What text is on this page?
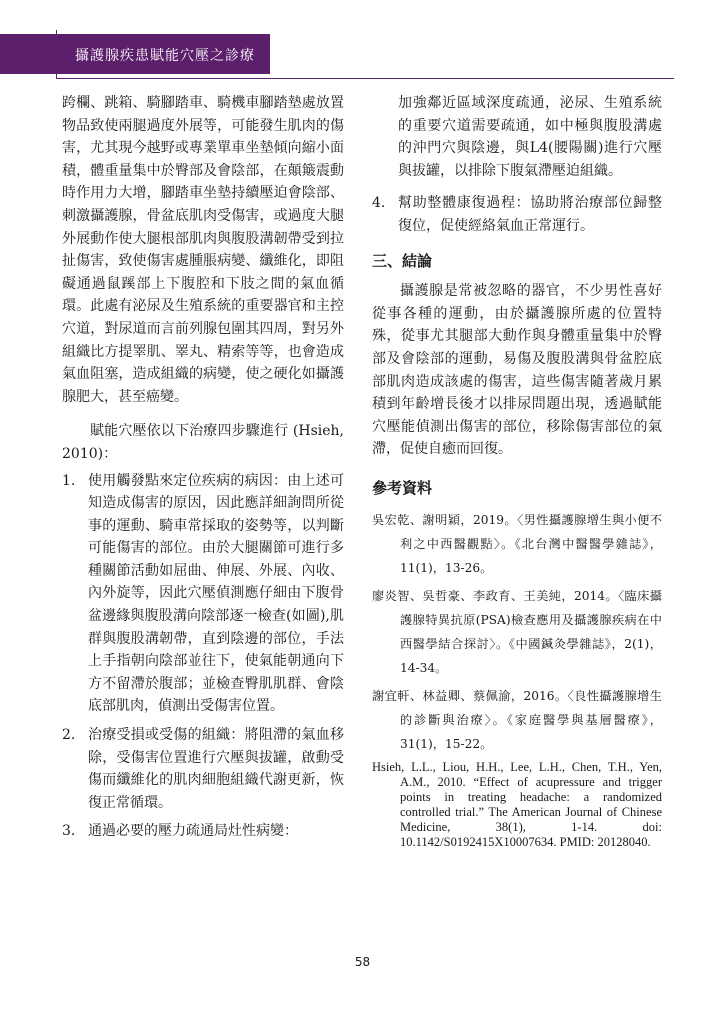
攝護腺疾患賦能穴壓之診療

跨欄、跳箱、騎腳踏車、騎機車腳踏墊處放置物品致使兩腿過度外展等，可能發生肌肉的傷害，尤其現今越野或專業單車坐墊傾向縮小面積，體重量集中於臀部及會陰部，在顛簸震動時作用力大增，腳踏車坐墊持續壓迫會陰部、刺激攝護腺，骨盆底肌肉受傷害，或過度大腿外展動作使大腿根部肌肉與腹股溝韌帶受到拉扯傷害，致使傷害處腫脹病變、纖維化，即阻礙通過鼠蹊部上下腹腔和下肢之間的氣血循環。此處有泌尿及生殖系統的重要器官和主控穴道，對尿道而言前列腺包圍其四周，對另外組織比方提睪肌、睪丸、精索等等，也會造成氣血阻塞，造成組織的病變，使之硬化如攝護腺肥大，甚至癌變。

賦能穴壓依以下治療四步驟進行 (Hsieh, 2010)：

1. 使用觸發點來定位疾病的病因：由上述可知造成傷害的原因，因此應詳細詢問所從事的運動、騎車常採取的姿勢等，以判斷可能傷害的部位。由於大腿關節可進行多種關節活動如屈曲、伸展、外展、內收、內外旋等，因此穴壓偵測應仔細由下腹骨盆邊緣與腹股溝向陰部逐一檢查(如圖),肌群與腹股溝韌帶，直到陰邊的部位，手法上手指朝向陰部並往下，使氣能朝通向下方不留滯於腹部；並檢查臀肌肌群、會陰底部肌肉，偵測出受傷害位置。
2. 治療受損或受傷的組織：將阻滯的氣血移除，受傷害位置進行穴壓與拔罐，啟動受傷而纖維化的肌肉細胞組織代謝更新，恢復正常循環。
3. 通過必要的壓力疏通局灶性病變：

加強鄰近區域深度疏通，泌尿、生殖系統的重要穴道需要疏通，如中極與腹股溝處的沖門穴與陰邊，與L4(腰陽關)進行穴壓與拔罐，以排除下腹氣滯壓迫組織。

4. 幫助整體康復過程：協助將治療部位歸整復位，促使經絡氣血正常運行。
三、結論

攝護腺是常被忽略的器官，不少男性喜好從事各種的運動，由於攝護腺所處的位置特殊，從事尤其腿部大動作與身體重量集中於臀部及會陰部的運動，易傷及腹股溝與骨盆腔底部肌肉造成該處的傷害，這些傷害隨著歲月累積到年齡增長後才以排尿問題出現，透過賦能穴壓能偵測出傷害的部位，移除傷害部位的氣滯，促使自癒而回復。

參考資料

吳宏乾、謝明穎，2019。〈男性攝護腺增生與小便不利之中西醫觀點〉。《北台灣中醫醫學雜誌》，11(1)，13-26。

廖炎智、吳哲豪、李政育、王美純，2014。〈臨床攝護腺特異抗原(PSA)檢查應用及攝護腺疾病在中西醫學結合探討〉。《中國鍼灸學雜誌》，2(1)，14-34。

謝宜軒、林益卿、蔡佩渝，2016。〈良性攝護腺增生的診斷與治療〉。《家庭醫學與基層醫療》，31(1)，15-22。

Hsieh, L.L., Liou, H.H., Lee, L.H., Chen, T.H., Yen, A.M., 2010. “Effect of acupressure and trigger points in treating headache: a randomized controlled trial.” The American Journal of Chinese Medicine, 38(1), 1-14. doi: 10.1142/S0192415X10007634. PMID: 20128040.

58
